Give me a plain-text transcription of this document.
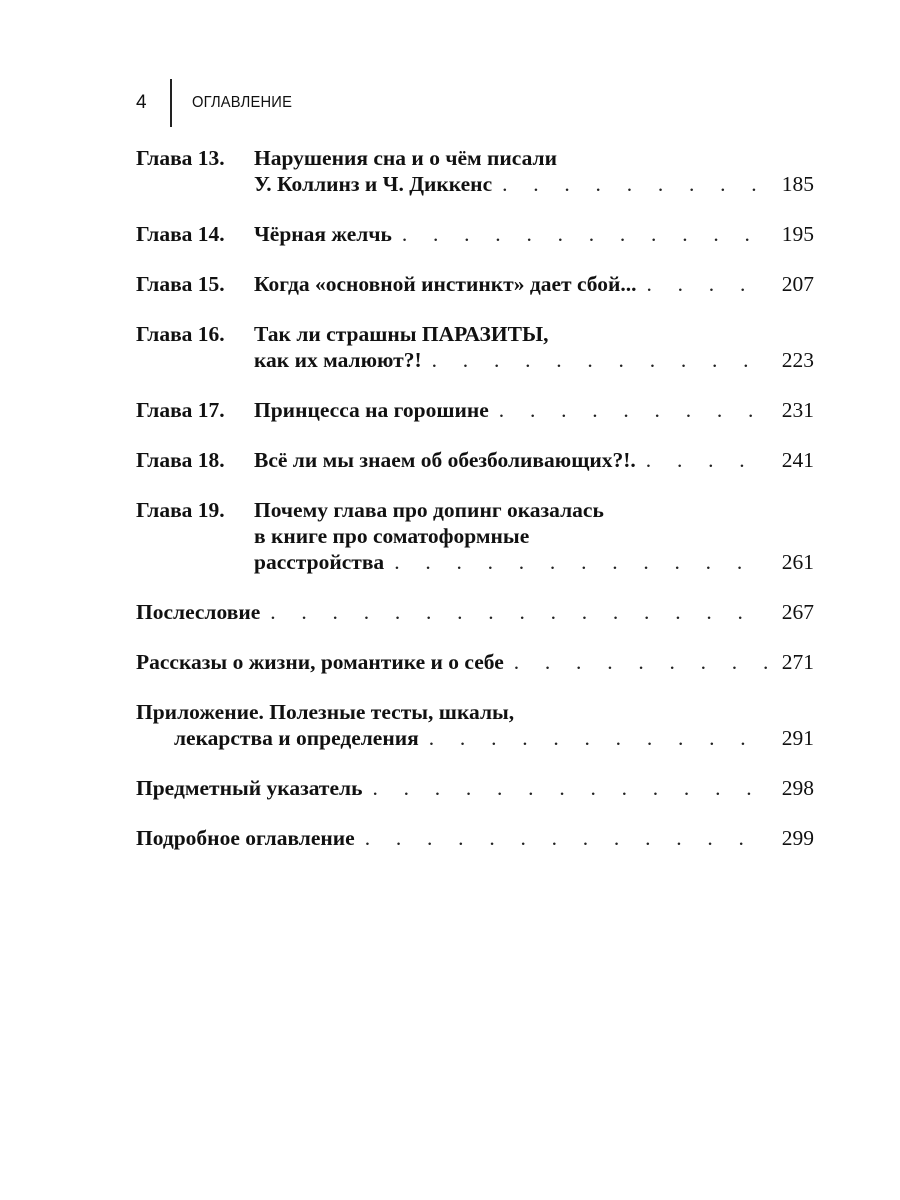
4	ОГЛАВЛЕНИЕ
Глава 13.	Нарушения сна и о чём писали
У. Коллинз и Ч. Диккенс . . .	185
Глава 14.	Чёрная желчь . . .	195
Глава 15.	Когда «основной инстинкт» дает сбой... . . .	207
Глава 16.	Так ли страшны ПАРАЗИТЫ,
как их малюют?! . . .	223
Глава 17.	Принцесса на горошине . . .	231
Глава 18.	Всё ли мы знаем об обезболивающих?!. . . .	241
Глава 19.	Почему глава про допинг оказалась
в книге про соматоформные
расстройства . . .	261
Послесловие . . .	267
Рассказы о жизни, романтике и о себе . . .	271
Приложение. Полезные тесты, шкалы,
лекарства и определения . . .	291
Предметный указатель . . .	298
Подробное оглавление . . .	299
